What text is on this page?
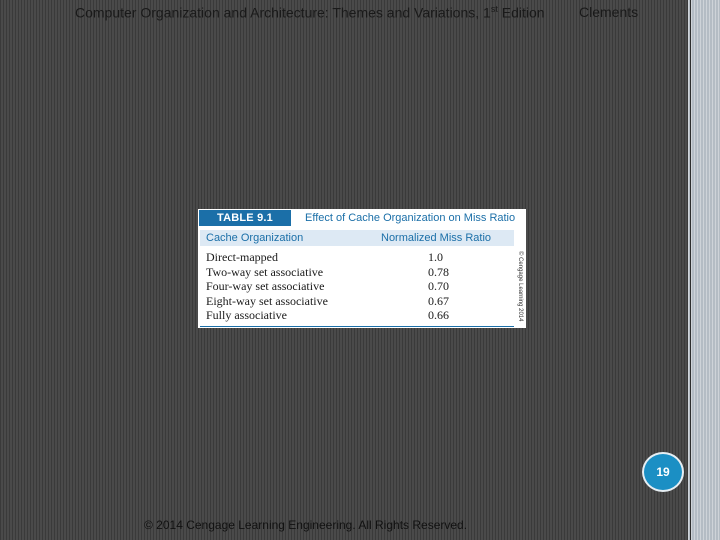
Computer Organization and Architecture: Themes and Variations, 1st Edition Clements
TABLE 9.1	Effect of Cache Organization on Miss Ratio
Cache Organization	Normalized Miss Ratio
Direct-mapped	1.0
Two-way set associative	0.78
Four-way set associative	0.70
Eight-way set associative	0.67
Fully associative	0.66	© Cengage Learning 2014
19
© 2014 Cengage Learning Engineering. All Rights Reserved.
